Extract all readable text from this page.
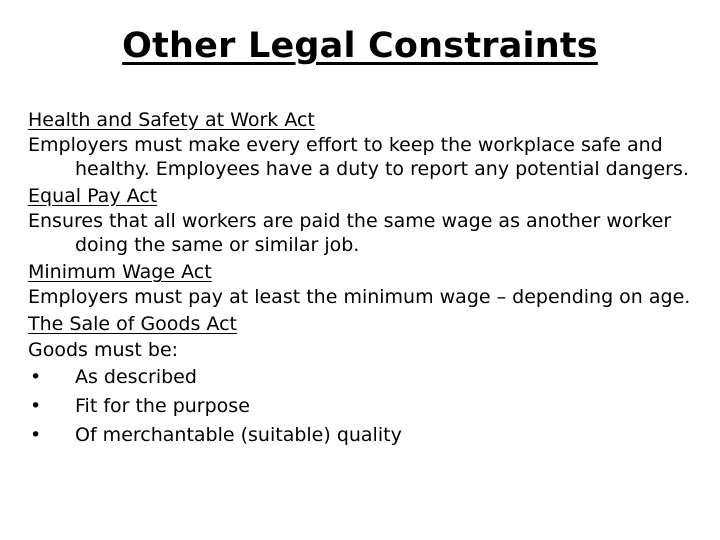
Other Legal Constraints

Health and Safety at Work Act

Employers must make every effort to keep the workplace safe and healthy. Employees have a duty to report any potential dangers.

Equal Pay Act

Ensures that all workers are paid the same wage as another worker doing the same or similar job.

Minimum Wage Act

Employers must pay at least the minimum wage – depending on age.

The Sale of Goods Act

Goods must be:

•	As described
•	Fit for the purpose
•	Of merchantable (suitable) quality
